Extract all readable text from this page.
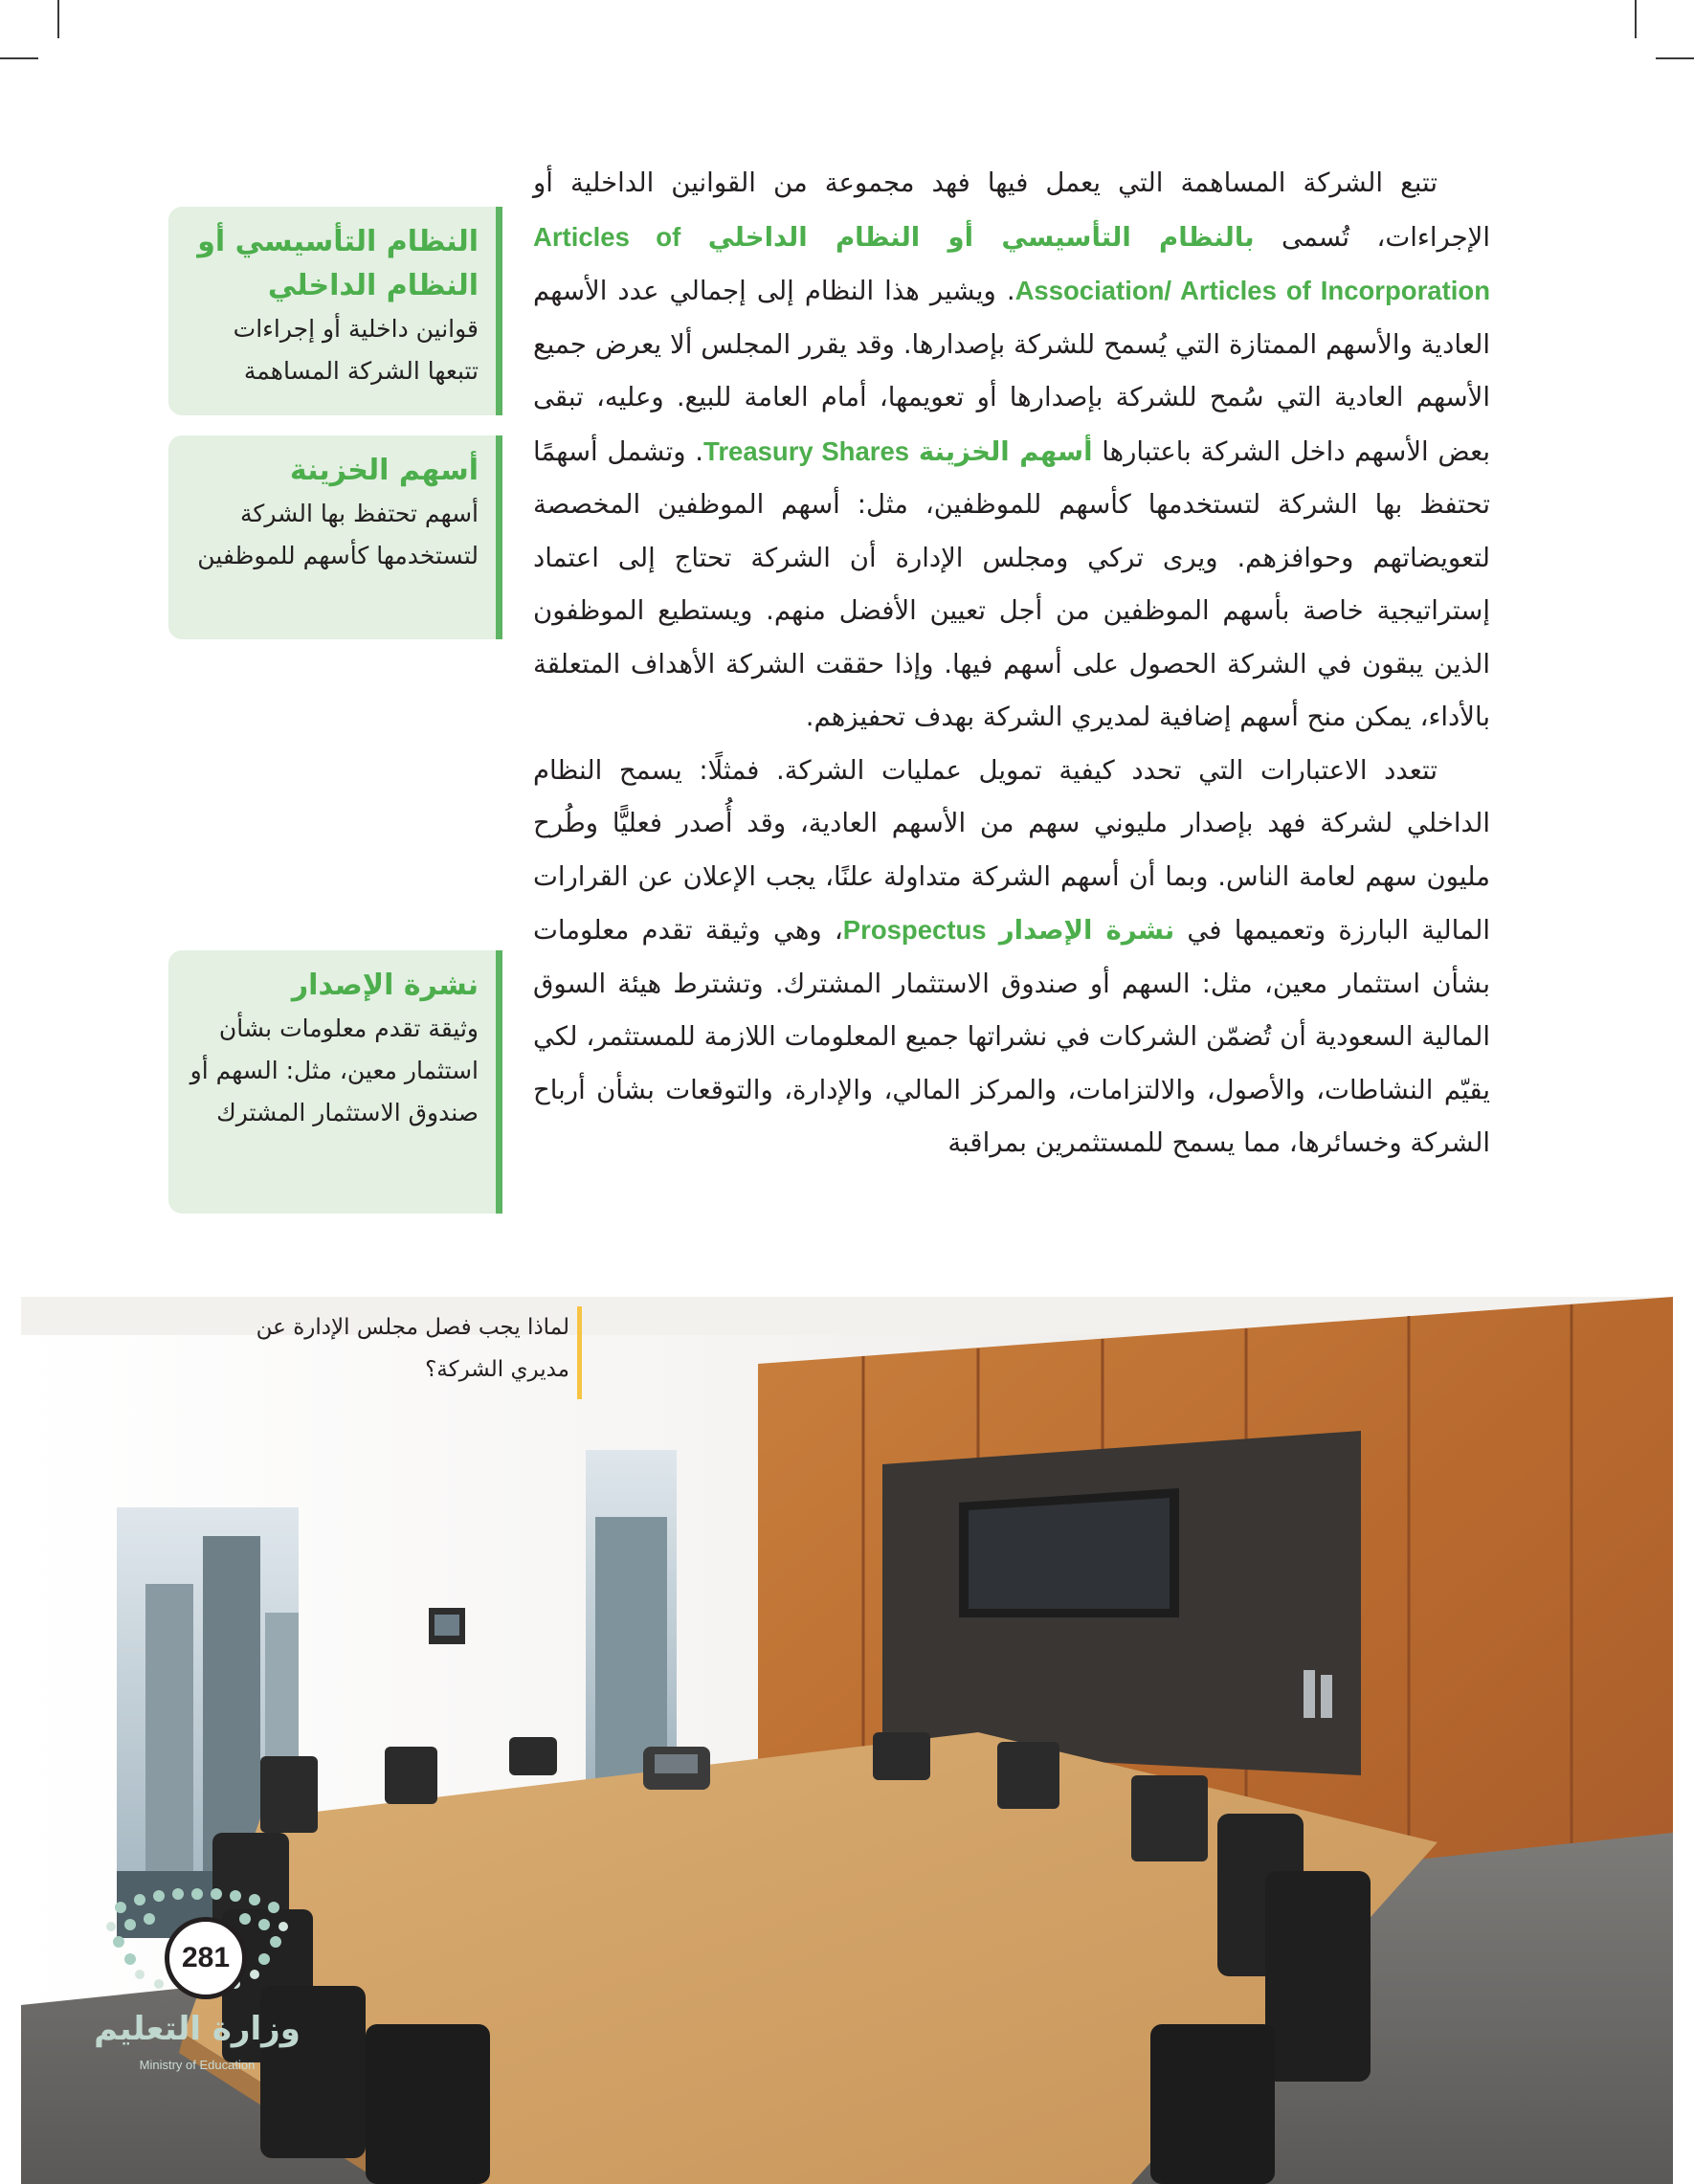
  تتبع الشركة المساهمة التي يعمل فيها فهد مجموعة من القوانين الداخلية أو الإجراءات، تُسمى بالنظام التأسيسي أو النظام الداخلي Articles of Association/ Articles of Incorporation. ويشير هذا النظام إلى إجمالي عدد الأسهم العادية والأسهم الممتازة التي يُسمح للشركة بإصدارها. وقد يقرر المجلس ألا يعرض جميع الأسهم العادية التي سُمح للشركة بإصدارها أو تعويمها، أمام العامة للبيع. وعليه، تبقى بعض الأسهم داخل الشركة باعتبارها أسهم الخزينة Treasury Shares. وتشمل أسهمًا تحتفظ بها الشركة لتستخدمها كأسهم للموظفين، مثل: أسهم الموظفين المخصصة لتعويضاتهم وحوافزهم. ويرى تركي ومجلس الإدارة أن الشركة تحتاج إلى اعتماد إستراتيجية خاصة بأسهم الموظفين من أجل تعيين الأفضل منهم. ويستطيع الموظفون الذين يبقون في الشركة الحصول على أسهم فيها. وإذا حققت الشركة الأهداف المتعلقة بالأداء، يمكن منح أسهم إضافية لمديري الشركة بهدف تحفيزهم.

  تتعدد الاعتبارات التي تحدد كيفية تمويل عمليات الشركة. فمثلًا: يسمح النظام الداخلي لشركة فهد بإصدار مليوني سهم من الأسهم العادية، وقد أُصدر فعليًّا وطُرح مليون سهم لعامة الناس. وبما أن أسهم الشركة متداولة علنًا، يجب الإعلان عن القرارات المالية البارزة وتعميمها في نشرة الإصدار Prospectus، وهي وثيقة تقدم معلومات بشأن استثمار معين، مثل: السهم أو صندوق الاستثمار المشترك. وتشترط هيئة السوق المالية السعودية أن تُضمّن الشركات في نشراتها جميع المعلومات اللازمة للمستثمر، لكي يقيّم النشاطات، والأصول، والالتزامات، والمركز المالي، والإدارة، والتوقعات بشأن أرباح الشركة وخسائرها، مما يسمح للمستثمرين بمراقبة

النظام التأسيسي أو النظام الداخلي

قوانين داخلية أو إجراءات تتبعها الشركة المساهمة

أسهم الخزينة

أسهم تحتفظ بها الشركة لتستخدمها كأسهم للموظفين

نشرة الإصدار

وثيقة تقدم معلومات بشأن استثمار معين، مثل: السهم أو صندوق الاستثمار المشترك

لماذا يجب فصل مجلس الإدارة عن

مديري الشركة؟

281
وزارة التعليم
Ministry of Education
